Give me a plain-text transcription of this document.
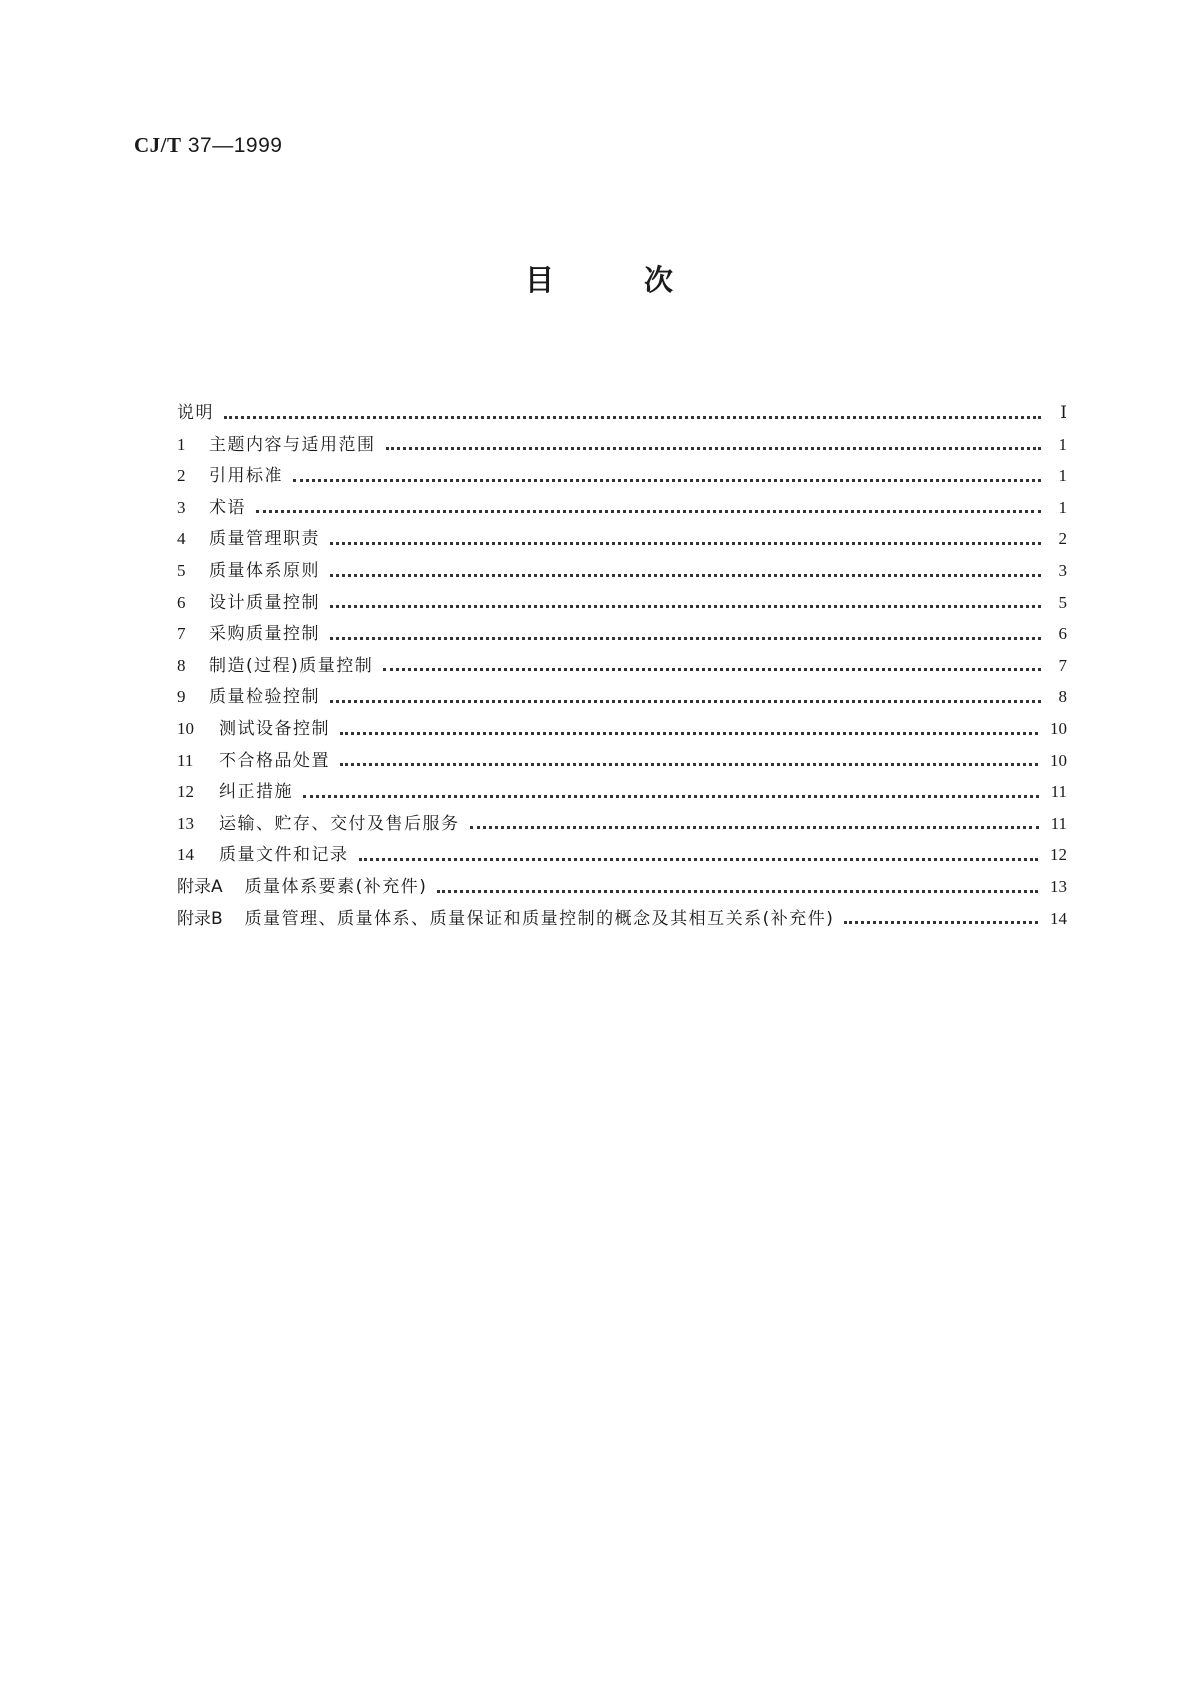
CJ/T 37—1999
目	次
说明	Ⅰ
1	主题内容与适用范围	1
2	引用标准	1
3	术语	1
4	质量管理职责	2
5	质量体系原则	3
6	设计质量控制	5
7	采购质量控制	6
8	制造(过程)质量控制	7
9	质量检验控制	8
10	测试设备控制	10
11	不合格品处置	10
12	纠正措施	11
13	运输、贮存、交付及售后服务	11
14	质量文件和记录	12
附录A 质量体系要素(补充件)	13
附录B 质量管理、质量体系、质量保证和质量控制的概念及其相互关系(补充件)	14
